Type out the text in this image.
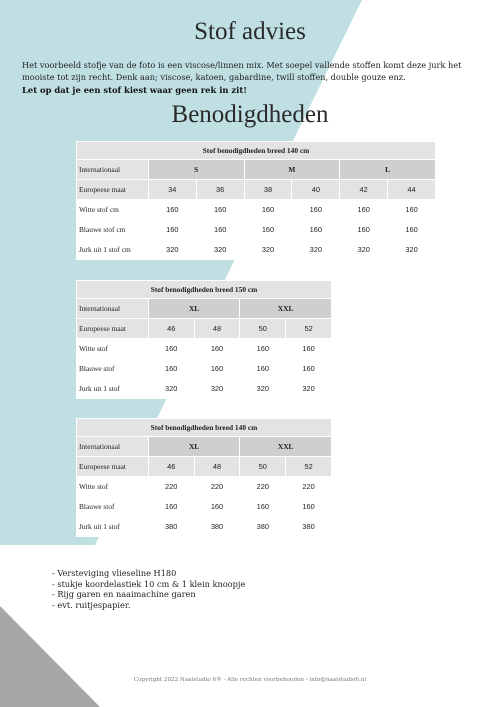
Stof advies
Het voorbeeld stofje van de foto is een viscose/linnen mix. Met soepel vallende stoffen komt deze jurk het mooiste tot zijn recht. Denk aan; viscose, katoen, gabardine, twill stoffen, double gouze enz.
Let op dat je een stof kiest waar geen rek in zit!
Benodigdheden
Stof benodigdheden breed 140 cm						
Internationaal	S		M		L	
Europeese maat	34	36	38	40	42	44
Witte stof cm	160	160	160	160	160	160
Blauwe stof cm	160	160	160	160	160	160
Jurk uit 1 stof cm	320	320	320	320	320	320
Stof benodigdheden breed 150 cm				
Internationaal	XL		XXL	
Europeese maat	46	48	50	52
Witte stof	160	160	160	160
Blauwe stof	160	160	160	160
Jurk uit 1 stof	320	320	320	320
Stof benodigdheden breed 140 cm				
Internationaal	XL		XXL	
Europeese maat	46	48	50	52
Witte stof	220	220	220	220
Blauwe stof	160	160	160	160
Jurk uit 1 stof	380	380	380	380
- Versteviging vlieseline H180
- stukje koordelastiek 10 cm & 1 klein knoopje
- Rijg garen en naaimachine garen
- evt. ruitjespapier.
Copyright 2022 Naaistudio 6® - Alle rechten voorbehouden - info@naaistudio6.nl
